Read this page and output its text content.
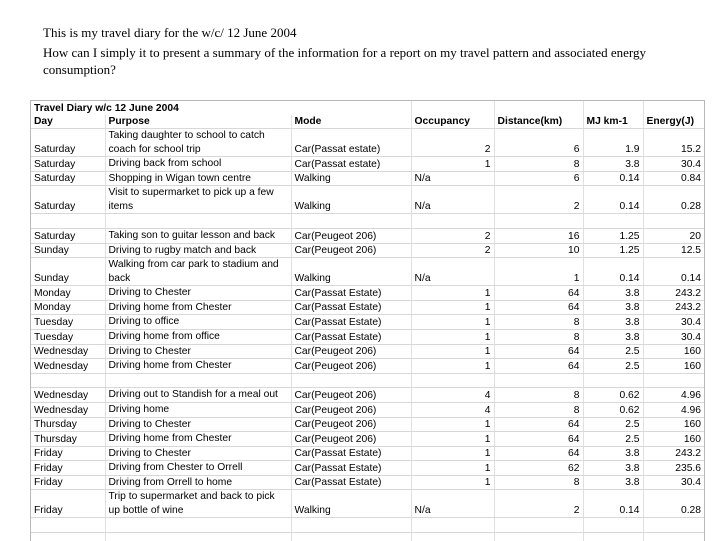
This is my travel diary for the w/c/ 12 June 2004
How can I simply it to present a summary of the information for a report on my travel pattern and associated energy consumption?
Travel Diary w/c 12 June 2004						
Day	Purpose	Mode	Occupancy	Distance(km)	MJ km-1	Energy(J)
Saturday	Taking daughter to school to catch coach for school trip	Car(Passat estate)	2	6	1.9	15.2
Saturday	Driving back from school	Car(Passat estate)	1	8	3.8	30.4
Saturday	Shopping in Wigan town centre	Walking	N/a	6	0.14	0.84
Saturday	Visit to supermarket to pick up a few items	Walking	N/a	2	0.14	0.28

Saturday	Taking son to guitar lesson and back	Car(Peugeot 206)	2	16	1.25	20
Sunday	Driving to rugby match and back	Car(Peugeot 206)	2	10	1.25	12.5
Sunday	Walking from car park to stadium and back	Walking	N/a	1	0.14	0.14
Monday	Driving to Chester	Car(Passat Estate)	1	64	3.8	243.2
Monday	Driving home from Chester	Car(Passat Estate)	1	64	3.8	243.2
Tuesday	Driving to office	Car(Passat Estate)	1	8	3.8	30.4
Tuesday	Driving home from office	Car(Passat Estate)	1	8	3.8	30.4
Wednesday	Driving to Chester	Car(Peugeot 206)	1	64	2.5	160
Wednesday	Driving home from Chester	Car(Peugeot 206)	1	64	2.5	160

Wednesday	Driving out to Standish for a meal out	Car(Peugeot 206)	4	8	0.62	4.96
Wednesday	Driving home	Car(Peugeot 206)	4	8	0.62	4.96
Thursday	Driving to Chester	Car(Peugeot 206)	1	64	2.5	160
Thursday	Driving home from Chester	Car(Peugeot 206)	1	64	2.5	160
Friday	Driving to Chester	Car(Passat Estate)	1	64	3.8	243.2
Friday	Driving from Chester to Orrell	Car(Passat Estate)	1	62	3.8	235.6
Friday	Driving from Orrell to home	Car(Passat Estate)	1	8	3.8	30.4
Friday	Trip to supermarket and back to pick up bottle of wine	Walking	N/a	2	0.14	0.28
